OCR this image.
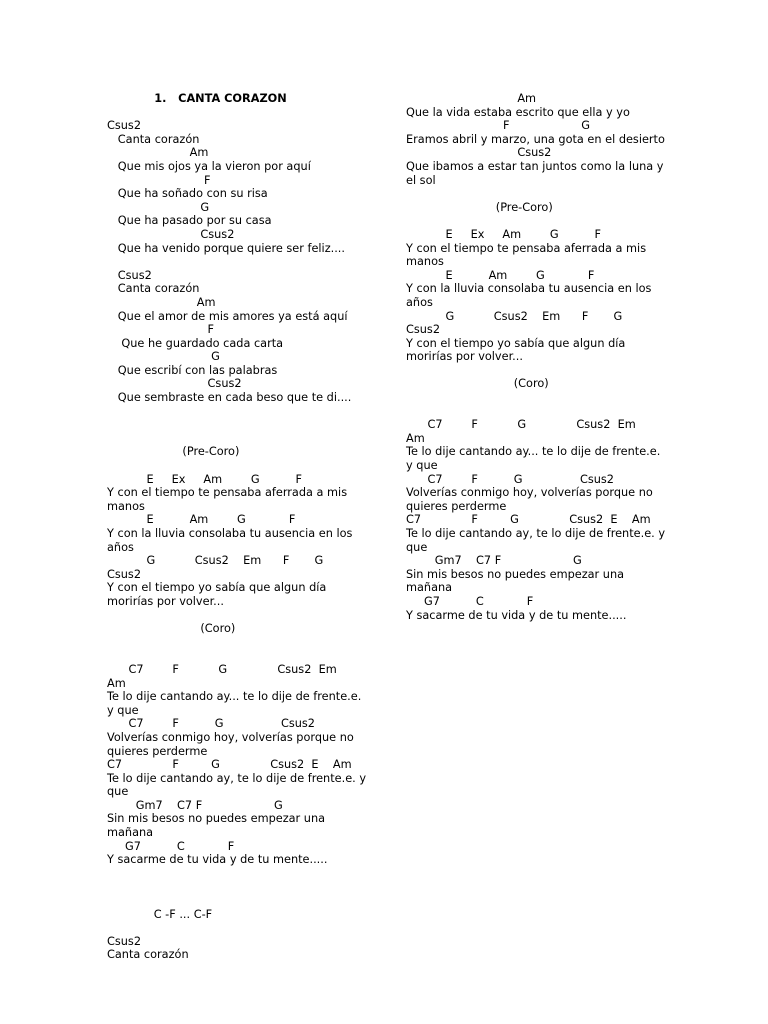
1.   CANTA CORAZON
Csus2
Canta corazón
Am
Que mis ojos ya la vieron por aquí
F
Que ha soñado con su risa
G
Que ha pasado por su casa
Csus2
Que ha venido porque quiere ser feliz....
Csus2
Canta corazón
Am
Que el amor de mis amores ya está aquí
F
Que he guardado cada carta
G
Que escribí con las palabras
Csus2
Que sembraste en cada beso que te di....
(Pre-Coro)
E     Ex     Am        G          F
Y con el tiempo te pensaba aferrada a mis manos
E          Am        G            F
Y con la lluvia consolaba tu ausencia en los años
G           Csus2    Em      F       G
Csus2
Y con el tiempo yo sabía que algun día morirías por volver...
(Coro)
C7        F           G              Csus2  Em    Am
Te lo dije cantando ay... te lo dije de frente.e. y que
C7        F          G                Csus2
Volverías conmigo hoy, volverías porque no quieres perderme
C7              F         G              Csus2  E    Am
Te lo dije cantando ay, te lo dije de frente.e. y que
Gm7    C7 F                    G
Sin mis besos no puedes empezar una mañana
G7          C            F
Y sacarme de tu vida y de tu mente.....
C -F ... C-F
Csus2
Canta corazón
Am
Que la vida estaba escrito que ella y yo
F                    G
Eramos abril y marzo, una gota en el desierto
Csus2
Que ibamos a estar tan juntos como la luna y el sol
(Pre-Coro)
E     Ex     Am        G          F
Y con el tiempo te pensaba aferrada a mis manos
E          Am        G            F
Y con la lluvia consolaba tu ausencia en los años
G           Csus2    Em      F       G
Csus2
Y con el tiempo yo sabía que algun día morirías por volver...
(Coro)
C7        F           G              Csus2  Em    Am
Te lo dije cantando ay... te lo dije de frente.e. y que
C7        F          G                Csus2
Volverías conmigo hoy, volverías porque no quieres perderme
C7              F         G              Csus2  E    Am
Te lo dije cantando ay, te lo dije de frente.e. y que
Gm7    C7 F                    G
Sin mis besos no puedes empezar una mañana
G7          C            F
Y sacarme de tu vida y de tu mente.....
